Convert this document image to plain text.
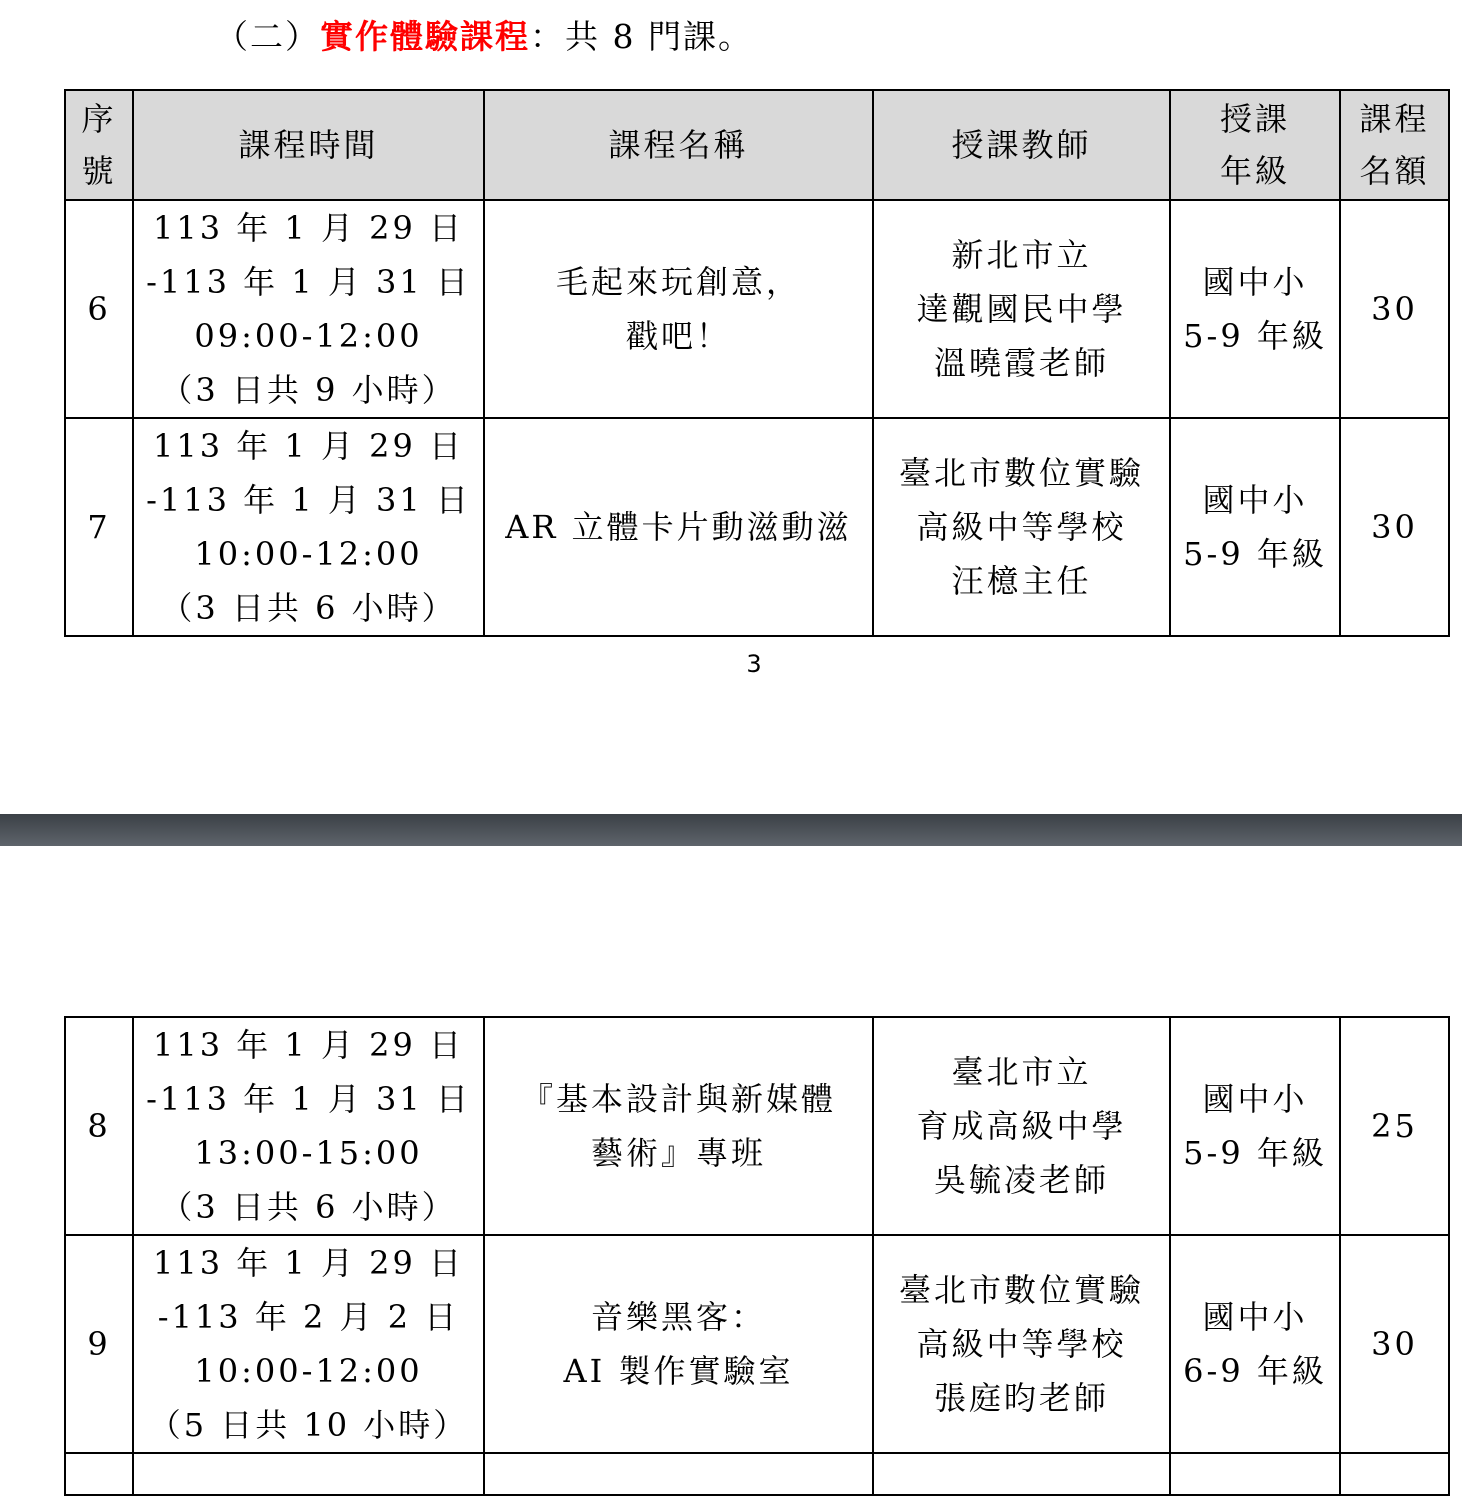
（二）實作體驗課程：共 8 門課。
序
號	課程時間	課程名稱	授課教師	授課
年級	課程
名額

6	113 年 1 月 29 日
-113 年 1 月 31 日
09:00-12:00
（3 日共 9 小時）	毛起來玩創意，
戳吧！	新北市立
達觀國民中學
溫曉霞老師	國中小
5-9 年級	30
7	113 年 1 月 29 日
-113 年 1 月 31 日
10:00-12:00
（3 日共 6 小時）	AR 立體卡片動滋動滋	臺北市數位實驗
高級中等學校
汪檍主任	國中小
5-9 年級	30
3
8	113 年 1 月 29 日
-113 年 1 月 31 日
13:00-15:00
（3 日共 6 小時）	『基本設計與新媒體
藝術』專班	臺北市立
育成高級中學
吳毓凌老師	國中小
5-9 年級	25
9	113 年 1 月 29 日
-113 年 2 月 2 日
10:00-12:00
（5 日共 10 小時）	音樂黑客：
AI 製作實驗室	臺北市數位實驗
高級中等學校
張庭昀老師	國中小
6-9 年級	30
